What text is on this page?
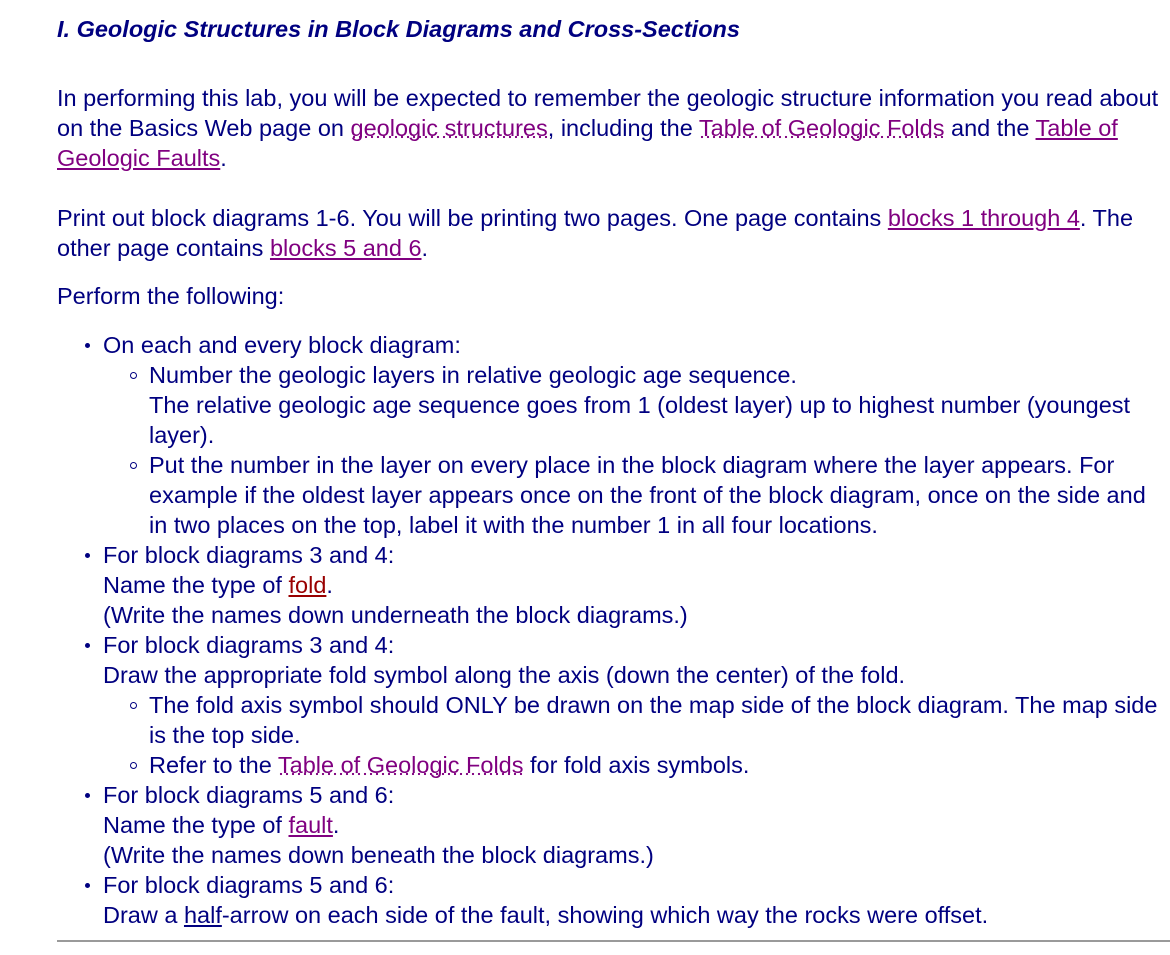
I. Geologic Structures in Block Diagrams and Cross-Sections

In performing this lab, you will be expected to remember the geologic structure information you read about on the Basics Web page on geologic structures, including the Table of Geologic Folds and the Table of Geologic Faults.

Print out block diagrams 1-6. You will be printing two pages. One page contains blocks 1 through 4. The other page contains blocks 5 and 6.

Perform the following:

On each and every block diagram:
Number the geologic layers in relative geologic age sequence.
The relative geologic age sequence goes from 1 (oldest layer) up to highest number (youngest layer).
Put the number in the layer on every place in the block diagram where the layer appears. For example if the oldest layer appears once on the front of the block diagram, once on the side and in two places on the top, label it with the number 1 in all four locations.
For block diagrams 3 and 4:
Name the type of fold.
(Write the names down underneath the block diagrams.)
For block diagrams 3 and 4:
Draw the appropriate fold symbol along the axis (down the center) of the fold.
The fold axis symbol should ONLY be drawn on the map side of the block diagram. The map side is the top side.
Refer to the Table of Geologic Folds for fold axis symbols.
For block diagrams 5 and 6:
Name the type of fault.
(Write the names down beneath the block diagrams.)
For block diagrams 5 and 6:
Draw a half-arrow on each side of the fault, showing which way the rocks were offset.
